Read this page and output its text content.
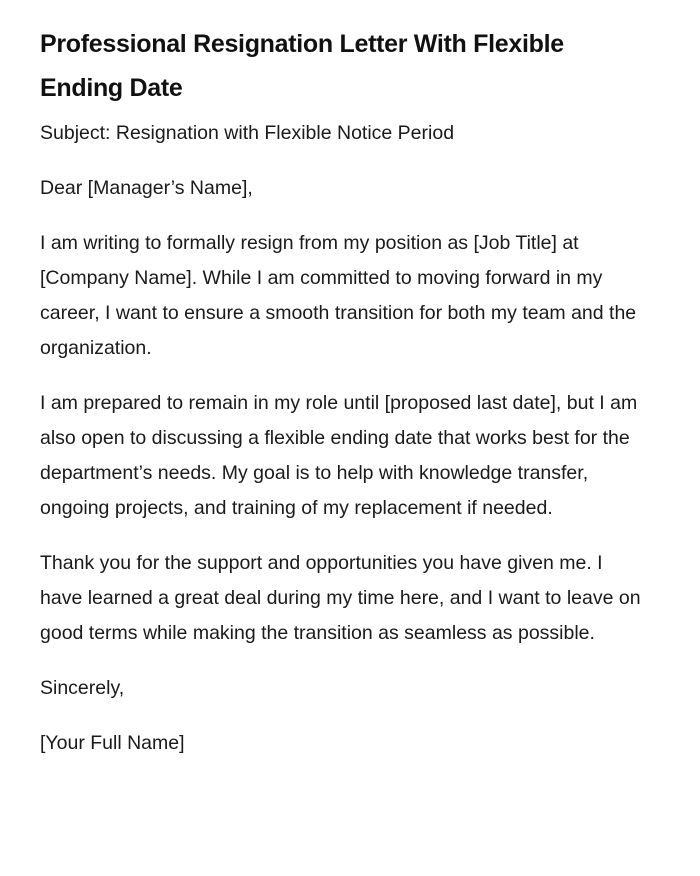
Professional Resignation Letter With Flexible Ending Date

Subject: Resignation with Flexible Notice Period

Dear [Manager’s Name],

I am writing to formally resign from my position as [Job Title] at [Company Name]. While I am committed to moving forward in my career, I want to ensure a smooth transition for both my team and the organization.

I am prepared to remain in my role until [proposed last date], but I am also open to discussing a flexible ending date that works best for the department’s needs. My goal is to help with knowledge transfer, ongoing projects, and training of my replacement if needed.

Thank you for the support and opportunities you have given me. I have learned a great deal during my time here, and I want to leave on good terms while making the transition as seamless as possible.

Sincerely,

[Your Full Name]
